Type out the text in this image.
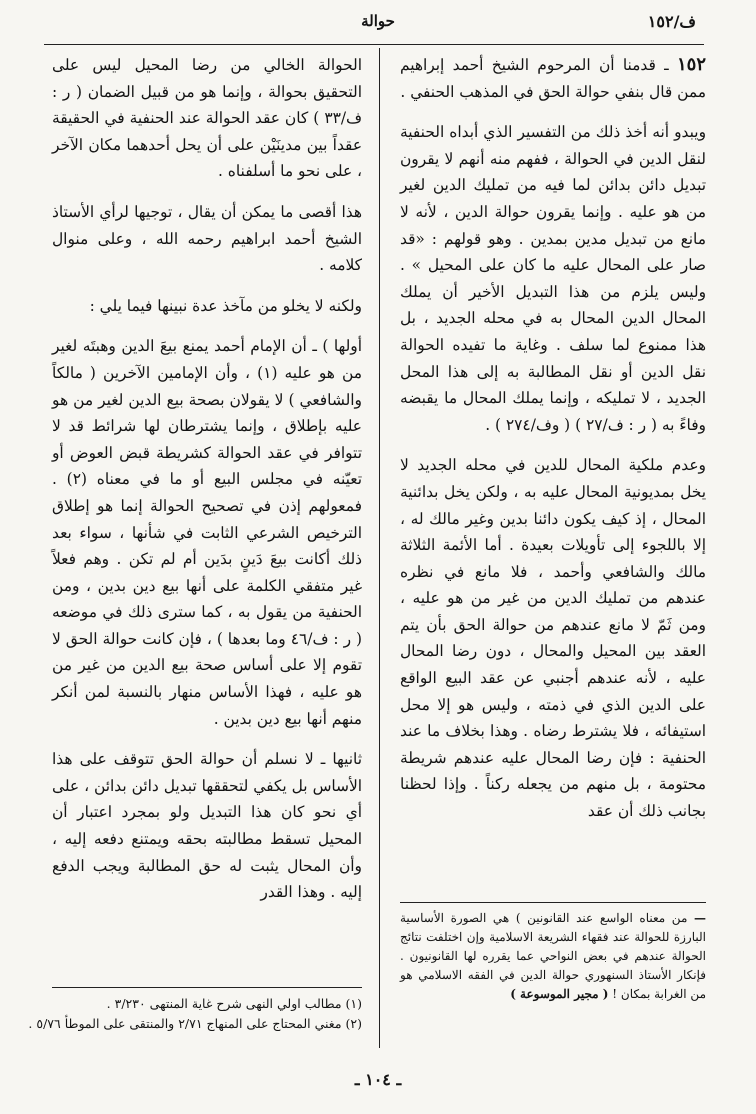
ف/١٥٢
حوالة

١٥٢ ـ قدمنا أن المرحوم الشيخ أحمد إبراهيم ممن قال بنفي حوالة الحق في المذهب الحنفي .

ويبدو أنه أخذ ذلك من التفسير الذي أبداه الحنفية لنقل الدين في الحوالة ، ففهم منه أنهم لا يقرون تبديل دائن بدائن لما فيه من تمليك الدين لغير من هو عليه . وإنما يقرون حوالة الدين ، لأنه لا مانع من تبديل مدين بمدين . وهو قولهم : «قد صار على المحال عليه ما كان على المحيل » . وليس يلزم من هذا التبديل الأخير أن يملك المحال الدين المحال به في محله الجديد ، بل هذا ممنوع لما سلف . وغاية ما تفيده الحوالة نقل الدين أو نقل المطالبة به إلى هذا المحل الجديد ، لا تمليكه ، وإنما يملك المحال ما يقبضه وفاءً به ( ر : ف/٢٧ ) ( وف/٢٧٤ ) .

وعدم ملكية المحال للدين في محله الجديد لا يخل بمديونية المحال عليه به ، ولكن يخل بدائنية المحال ، إذ كيف يكون دائنا بدين وغير مالك له ، إلا باللجوء إلى تأويلات بعيدة . أما الأئمة الثلاثة مالك والشافعي وأحمد ، فلا مانع في نظره عندهم من تمليك الدين من غير من هو عليه ، ومن ثَمّ لا مانع عندهم من حوالة الحق بأن يتم العقد بين المحيل والمحال ، دون رضا المحال عليه ، لأنه عندهم أجنبي عن عقد البيع الواقع على الدين الذي في ذمته ، وليس هو إلا محل استيفائه ، فلا يشترط رضاه . وهذا بخلاف ما عند الحنفية : فإن رضا المحال عليه عندهم شريطة محتومة ، بل منهم من يجعله ركناً . وإذا لحظنا بجانب ذلك أن عقد

الحوالة الخالي من رضا المحيل ليس على التحقيق بحوالة ، وإنما هو من قبيل الضمان ( ر : ف/٣٣ ) كان عقد الحوالة عند الحنفية في الحقيقة عقداً بين مدينَيْن على أن يحل أحدهما مكان الآخر ، على نحو ما أسلفناه .

هذا أقصى ما يمكن أن يقال ، توجيها لرأي الأستاذ الشيخ أحمد ابراهيم رحمه الله ، وعلى منوال كلامه .

ولكنه لا يخلو من مآخذ عدة نبينها فيما يلي :

أولها ) ـ أن الإمام أحمد يمنع بيعَ الدين وهبتَه لغير من هو عليه (١) ، وأن الإمامين الآخرين ( مالكاً والشافعي ) لا يقولان بصحة بيع الدين لغير من هو عليه بإطلاق ، وإنما يشترطان لها شرائط قد لا تتوافر في عقد الحوالة كشريطة قبض العوض أو تعيّنه في مجلس البيع أو ما في معناه (٢) . فمعولهم إذن في تصحيح الحوالة إنما هو إطلاق الترخيص الشرعي الثابت في شأنها ، سواء بعد ذلك أكانت بيعَ دَينٍ بدَين أم لم تكن . وهم فعلاً غير متفقي الكلمة على أنها بيع دين بدين ، ومن الحنفية من يقول به ، كما سترى ذلك في موضعه ( ر : ف/٤٦ وما بعدها ) ، فإن كانت حوالة الحق لا تقوم إلا على أساس صحة بيع الدين من غير من هو عليه ، فهذا الأساس منهار بالنسبة لمن أنكر منهم أنها بيع دين بدين .

ثانيها ـ لا نسلم أن حوالة الحق تتوقف على هذا الأساس بل يكفي لتحققها تبديل دائن بدائن ، على أي نحو كان هذا التبديل ولو بمجرد اعتبار أن المحيل تسقط مطالبته بحقه ويمتنع دفعه إليه ، وأن المحال يثبت له حق المطالبة ويجب الدفع إليه . وهذا القدر

— من معناه الواسع عند القانونين ) هي الصورة الأساسية البارزة للحوالة عند فقهاء الشريعة الاسلامية وإن اختلفت نتائج الحوالة عندهم في بعض النواحي عما يقرره لها القانونيون . فإنكار الأستاذ السنهوري حوالة الدين في الفقه الاسلامي هو من الغرابة بمكان ! ( مجير الموسوعة )
(١) مطالب اولي النهى شرح غاية المنتهى ٣/٢٣٠ .
(٢) مغني المحتاج على المنهاج ٢/٧١ والمنتقى على الموطأ ٥/٧٦ .
ـ ١٠٤ ـ
